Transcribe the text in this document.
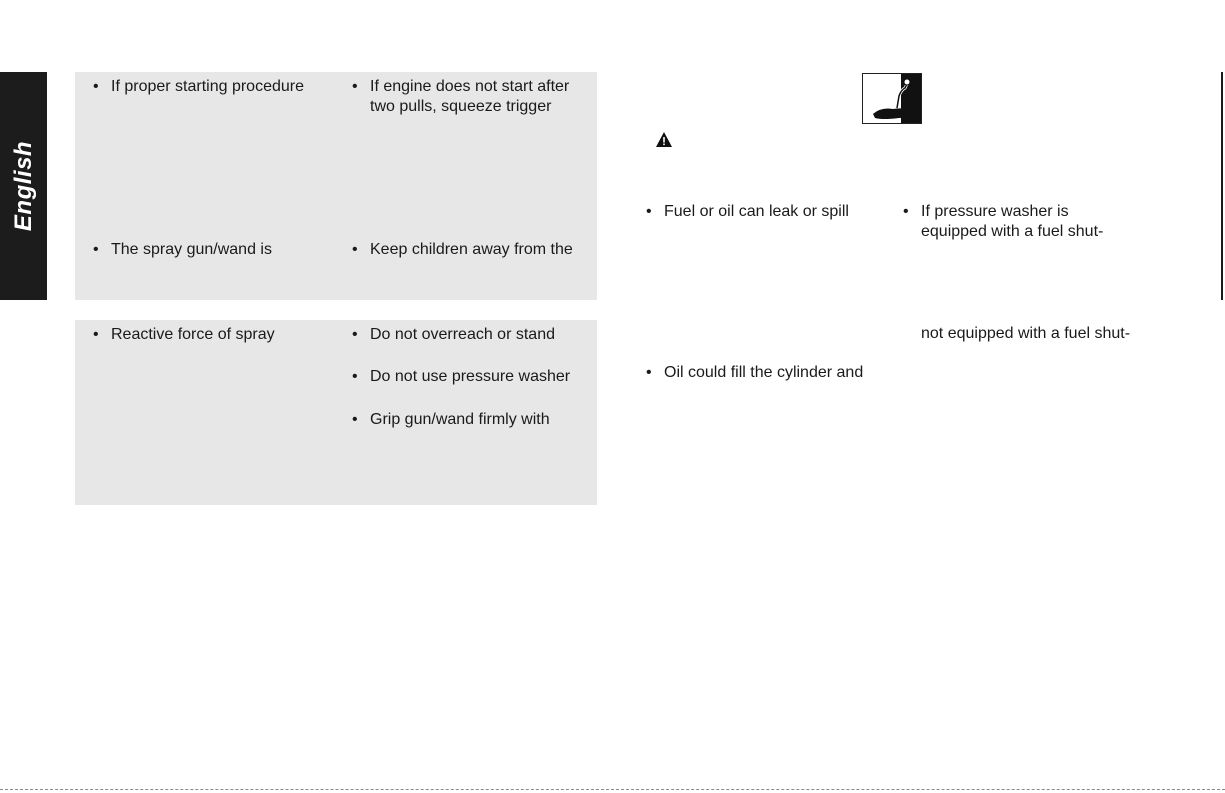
English
• If proper starting procedure	• If engine does not start after
two pulls, squeeze trigger
• The spray gun/wand is	• Keep children away from the
• Reactive force of spray	• Do not overreach or stand
• Do not use pressure washer
• Grip gun/wand firmly with
• Fuel or oil can leak or spill
• Oil could fill the cylinder and
• If pressure washer is
equipped with a fuel shut-
not equipped with a fuel shut-
